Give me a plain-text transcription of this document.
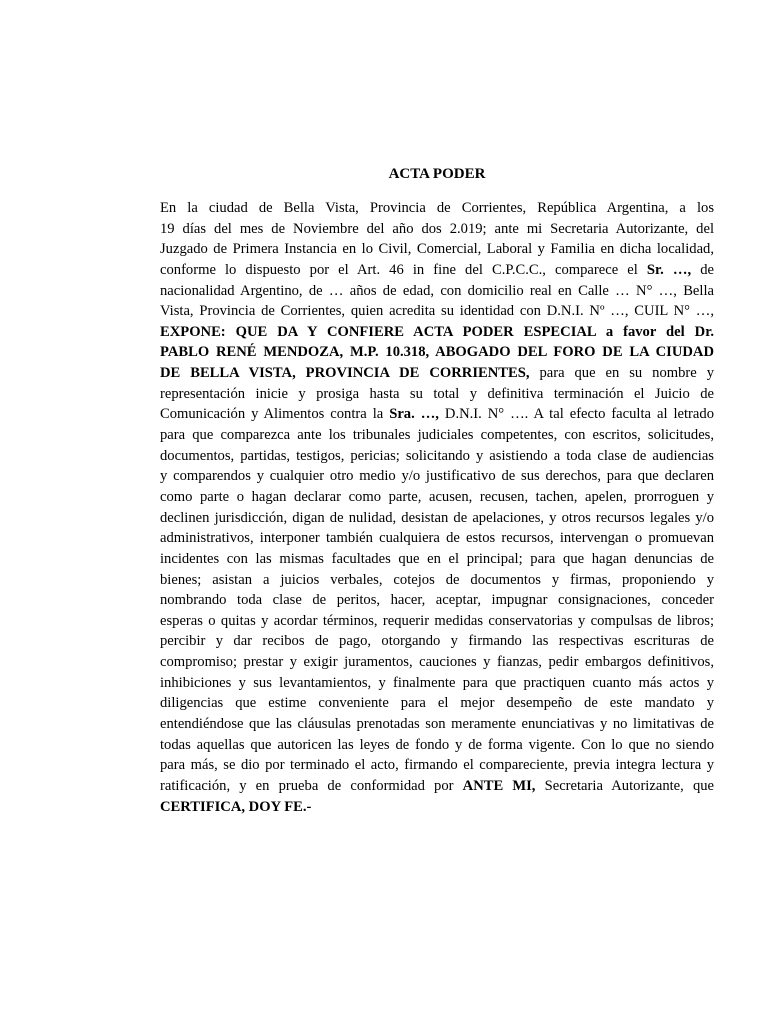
ACTA PODER
En la ciudad de Bella Vista, Provincia de Corrientes, República Argentina, a los
19 días del mes de Noviembre del año dos 2.019; ante mi Secretaria Autorizante, del
Juzgado de Primera Instancia en lo Civil, Comercial, Laboral y Familia en dicha localidad,
conforme lo dispuesto por el Art. 46 in fine del C.P.C.C., comparece el Sr. …, de
nacionalidad Argentino, de … años de edad, con domicilio real en Calle … N° …, Bella
Vista, Provincia de Corrientes, quien acredita su identidad con D.N.I. Nº …, CUIL N° …,
EXPONE: QUE DA Y CONFIERE ACTA PODER ESPECIAL a favor del Dr.
PABLO RENÉ MENDOZA, M.P. 10.318, ABOGADO DEL FORO DE LA CIUDAD
DE BELLA VISTA, PROVINCIA DE CORRIENTES, para que en su nombre y
representación inicie y prosiga hasta su total y definitiva terminación el Juicio de
Comunicación y Alimentos contra la Sra. …, D.N.I. N° …. A tal efecto faculta al letrado
para que comparezca ante los tribunales judiciales competentes, con escritos, solicitudes,
documentos, partidas, testigos, pericias; solicitando y asistiendo a toda clase de audiencias
y comparendos y cualquier otro medio y/o justificativo de sus derechos, para que declaren
como parte o hagan declarar como parte, acusen, recusen, tachen, apelen, prorroguen y
declinen jurisdicción, digan de nulidad, desistan de apelaciones, y otros recursos legales y/o
administrativos, interponer también cualquiera de estos recursos, intervengan o promuevan
incidentes con las mismas facultades que en el principal; para que hagan denuncias de
bienes; asistan a juicios verbales, cotejos de documentos y firmas, proponiendo y
nombrando toda clase de peritos, hacer, aceptar, impugnar consignaciones, conceder
esperas o quitas y acordar términos, requerir medidas conservatorias y compulsas de libros;
percibir y dar recibos de pago, otorgando y firmando las respectivas escrituras de
compromiso; prestar y exigir juramentos, cauciones y fianzas, pedir embargos definitivos,
inhibiciones y sus levantamientos, y finalmente para que practiquen cuanto más actos y
diligencias que estime conveniente para el mejor desempeño de este mandato y
entendiéndose que las cláusulas prenotadas son meramente enunciativas y no limitativas de
todas aquellas que autoricen las leyes de fondo y de forma vigente. Con lo que no siendo
para más, se dio por terminado el acto, firmando el compareciente, previa integra lectura y
ratificación, y en prueba de conformidad por ANTE MI, Secretaria Autorizante, que
CERTIFICA, DOY FE.-
